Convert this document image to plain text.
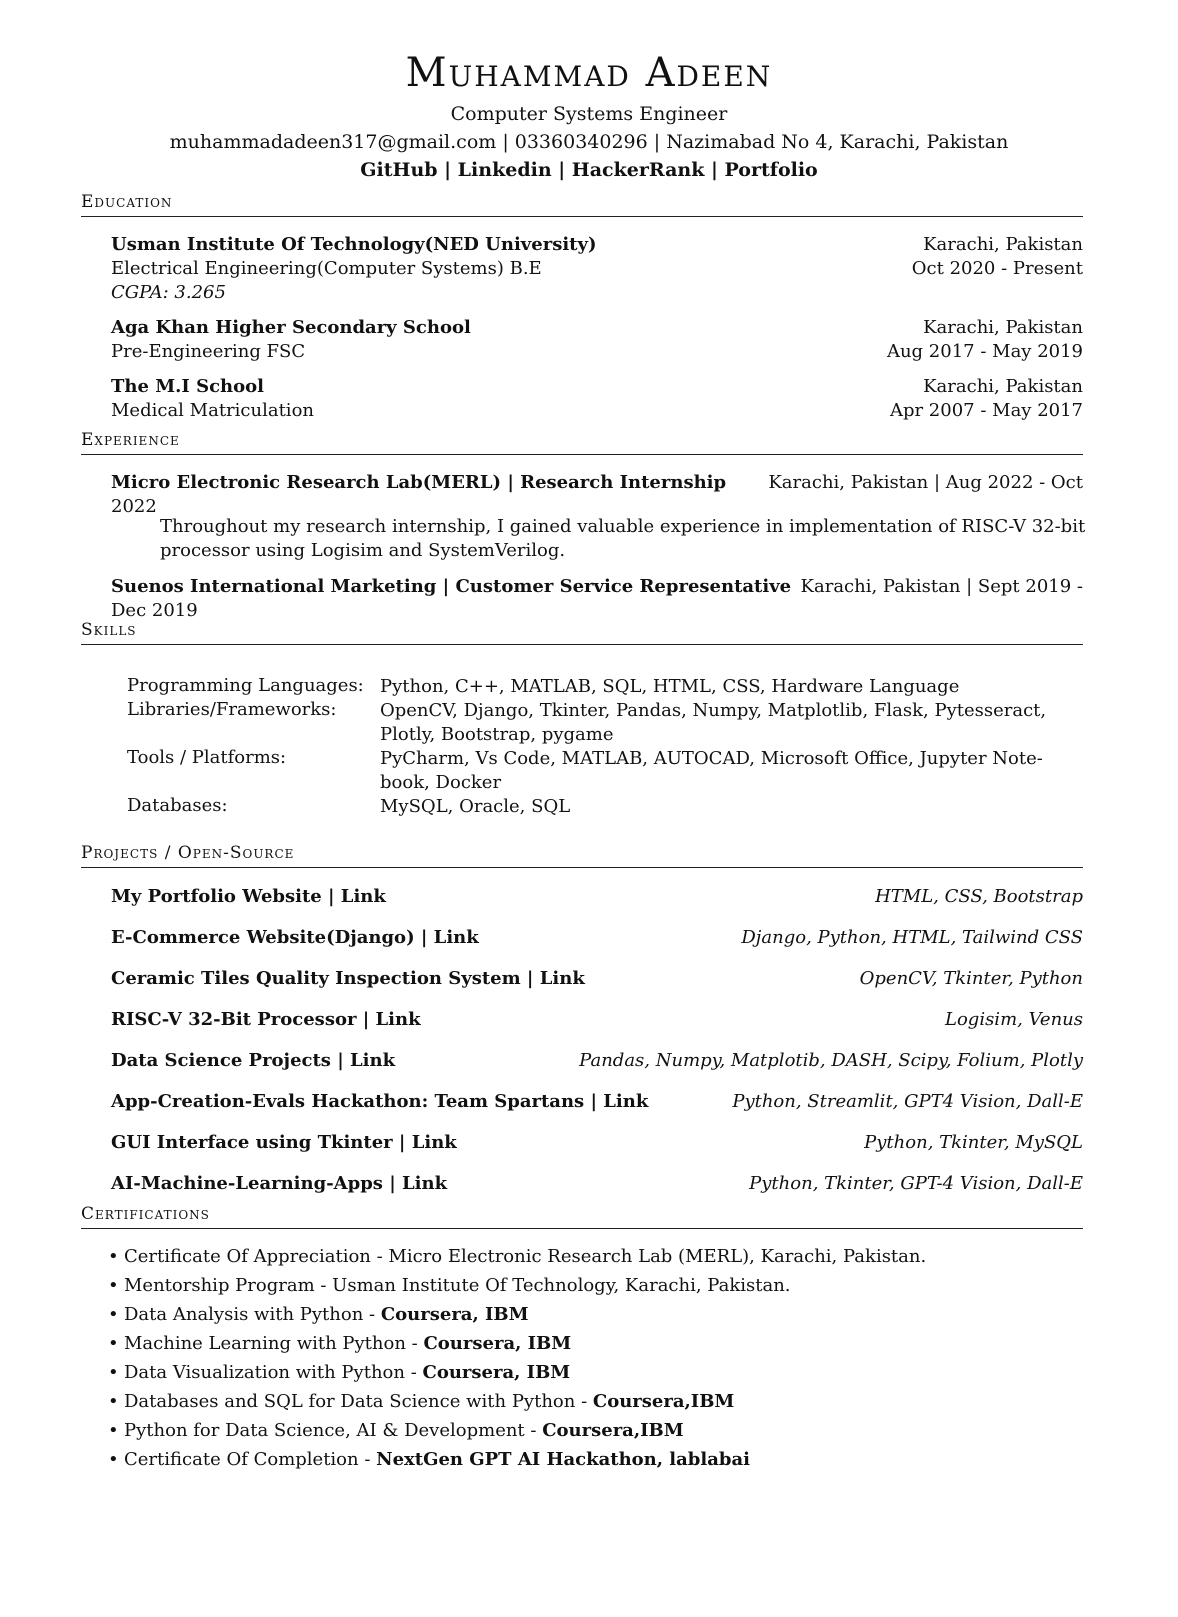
Muhammad Adeen
Computer Systems Engineer
muhammadadeen317@gmail.com | 03360340296 | Nazimabad No 4, Karachi, Pakistan
GitHub | Linkedin | HackerRank | Portfolio
Education
Usman Institute Of Technology(NED University)	Karachi, Pakistan
Electrical Engineering(Computer Systems) B.E	Oct 2020 - Present
CGPA: 3.265
Aga Khan Higher Secondary School	Karachi, Pakistan
Pre-Engineering FSC	Aug 2017 - May 2019
The M.I School	Karachi, Pakistan
Medical Matriculation	Apr 2007 - May 2017
Experience
Micro Electronic Research Lab(MERL) | Research Internship Karachi, Pakistan | Aug 2022 - Oct
2022
Throughout my research internship, I gained valuable experience in implementation of RISC-V 32-bit
processor using Logisim and SystemVerilog.
Suenos International Marketing | Customer Service Representative Karachi, Pakistan | Sept 2019 -
Dec 2019
Skills
Programming Languages: Python, C++, MATLAB, SQL, HTML, CSS, Hardware Language
Libraries/Frameworks: OpenCV, Django, Tkinter, Pandas, Numpy, Matplotlib, Flask, Pytesseract, Plotly, Bootstrap, pygame
Tools / Platforms:	PyCharm, Vs Code, MATLAB, AUTOCAD, Microsoft Office, Jupyter Note-book, Docker
Databases:	MySQL, Oracle, SQL
Projects / Open-Source
My Portfolio Website | Link	HTML, CSS, Bootstrap
E-Commerce Website(Django) | Link	Django, Python, HTML, Tailwind CSS
Ceramic Tiles Quality Inspection System | Link	OpenCV, Tkinter, Python
RISC-V 32-Bit Processor | Link	Logisim, Venus
Data Science Projects | Link	Pandas, Numpy, Matplotib, DASH, Scipy, Folium, Plotly
App-Creation-Evals Hackathon: Team Spartans | Link	Python, Streamlit, GPT4 Vision, Dall-E
GUI Interface using Tkinter | Link	Python, Tkinter, MySQL
AI-Machine-Learning-Apps | Link	Python, Tkinter, GPT-4 Vision, Dall-E
Certifications
• Certificate Of Appreciation - Micro Electronic Research Lab (MERL), Karachi, Pakistan.
• Mentorship Program - Usman Institute Of Technology, Karachi, Pakistan.
• Data Analysis with Python - Coursera, IBM
• Machine Learning with Python - Coursera, IBM
• Data Visualization with Python - Coursera, IBM
• Databases and SQL for Data Science with Python - Coursera,IBM
• Python for Data Science, AI & Development - Coursera,IBM
• Certificate Of Completion - NextGen GPT AI Hackathon, lablabai
